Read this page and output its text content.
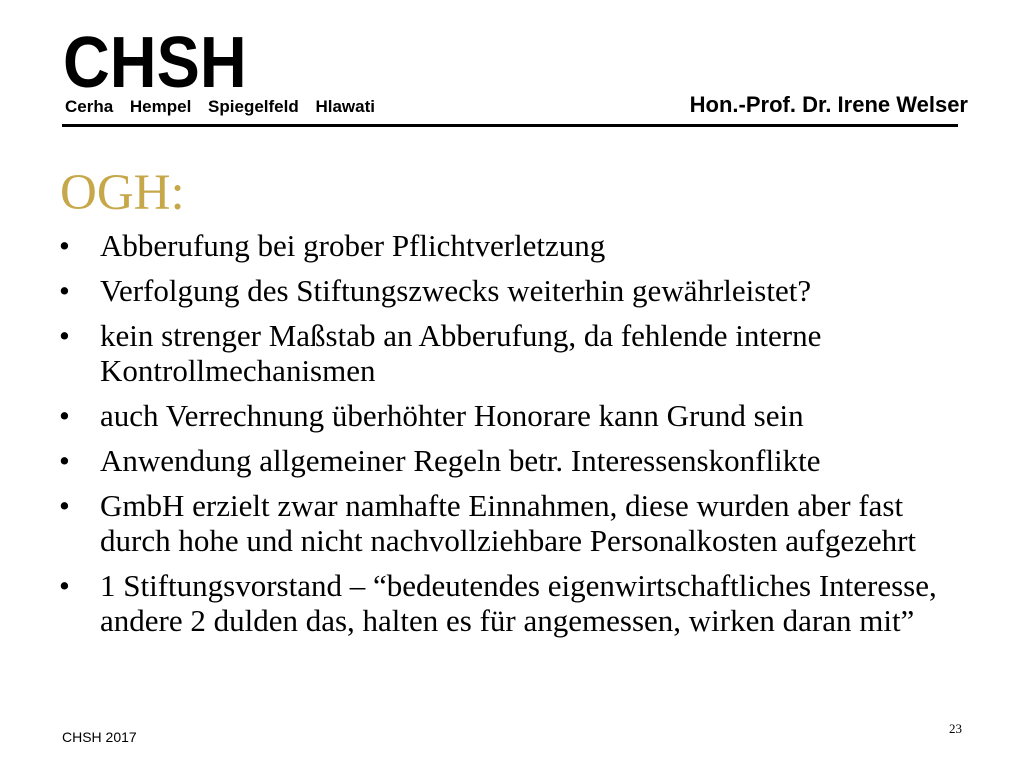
CHSH
Cerha Hempel Spiegelfeld Hlawati	Hon.-Prof. Dr. Irene Welser
OGH:
• Abberufung bei grober Pflichtverletzung
• Verfolgung des Stiftungszwecks weiterhin gewährleistet?
• kein strenger Maßstab an Abberufung, da fehlende interne
Kontrollmechanismen
• auch Verrechnung überhöhter Honorare kann Grund sein
• Anwendung allgemeiner Regeln betr. Interessenskonflikte
• GmbH erzielt zwar namhafte Einnahmen, diese wurden aber fast
durch hohe und nicht nachvollziehbare Personalkosten aufgezehrt
• 1 Stiftungsvorstand – “bedeutendes eigenwirtschaftliches Interesse,
andere 2 dulden das, halten es für angemessen, wirken daran mit”
CHSH 2017
23
